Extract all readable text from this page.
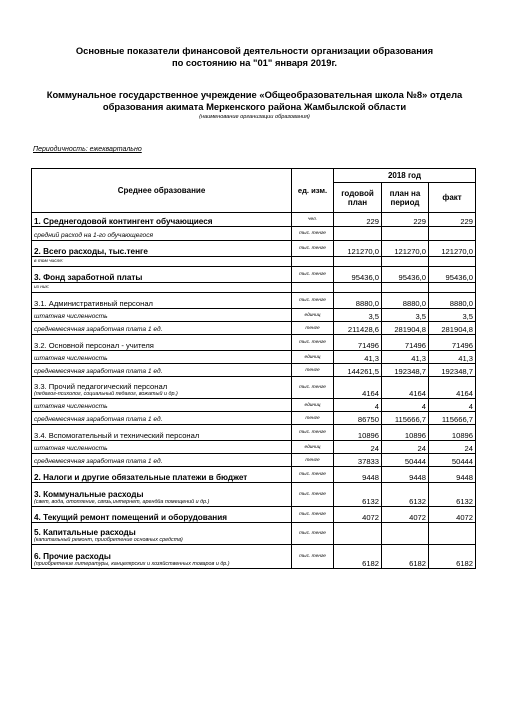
Основные показатели финансовой деятельности организации образования
по состоянию на "01" января 2019г.
Коммунальное государственное учреждение «Общеобразовательная школа №8» отдела
образования акимата Меркенского района Жамбылской области
(наименование организации образования)
Периодичность: ежеквартально
Среднее образование	ед. изм.	2018 год		
		годовой план	план на период	факт

1. Среднегодовой контингент обучающиеся	чел.	229	229	229

средний расход на 1-го обучающегося	тыс. тенге			

2. Всего расходы, тыс.тенге	тыс. тенге	121270,0	121270,0	121270,0

в том числе:				

3. Фонд заработной платы	тыс. тенге	95436,0	95436,0	95436,0

из них:				

3.1. Административный персонал	тыс. тенге	8880,0	8880,0	8880,0

штатная численность	единиц	3,5	3,5	3,5

среднемесячная заработная плата 1 ед.	тенге	211428,6	281904,8	281904,8

3.2. Основной персонал - учителя	тыс. тенге	71496	71496	71496

штатная численность	единиц	41,3	41,3	41,3

среднемесячная заработная плата 1 ед.	тенге	144261,5	192348,7	192348,7

3.3. Прочий педагогический персонал
(педагог-психолог, социальный педагог, вожатый и др.)	тыс. тенге	4164	4164	4164

штатная численность	единиц	4	4	4

среднемесячная заработная плата 1 ед.	тенге	86750	115666,7	115666,7

3.4. Вспомогательный и технический персонал	тыс. тенге	10896	10896	10896

штатная численность	единиц	24	24	24

среднемесячная заработная плата 1 ед.	тенге	37833	50444	50444

2. Налоги и другие обязательные платежи в бюджет	тыс. тенге	9448	9448	9448

3. Коммунальные расходы
(свет, вода, отопление, связь,интернет, арендйа помещений и др.)	тыс. тенге	6132	6132	6132

4. Текущий ремонт помещений и оборудования	тыс. тенге	4072	4072	4072

5. Капитальные расходы
(капитальный ремонт, приобретение основных средств)	тыс. тенге			

6. Прочие расходы
(приобретение литературы, канцелярских и хозяйственных товаров и др.)	тыс. тенге	6182	6182	6182
